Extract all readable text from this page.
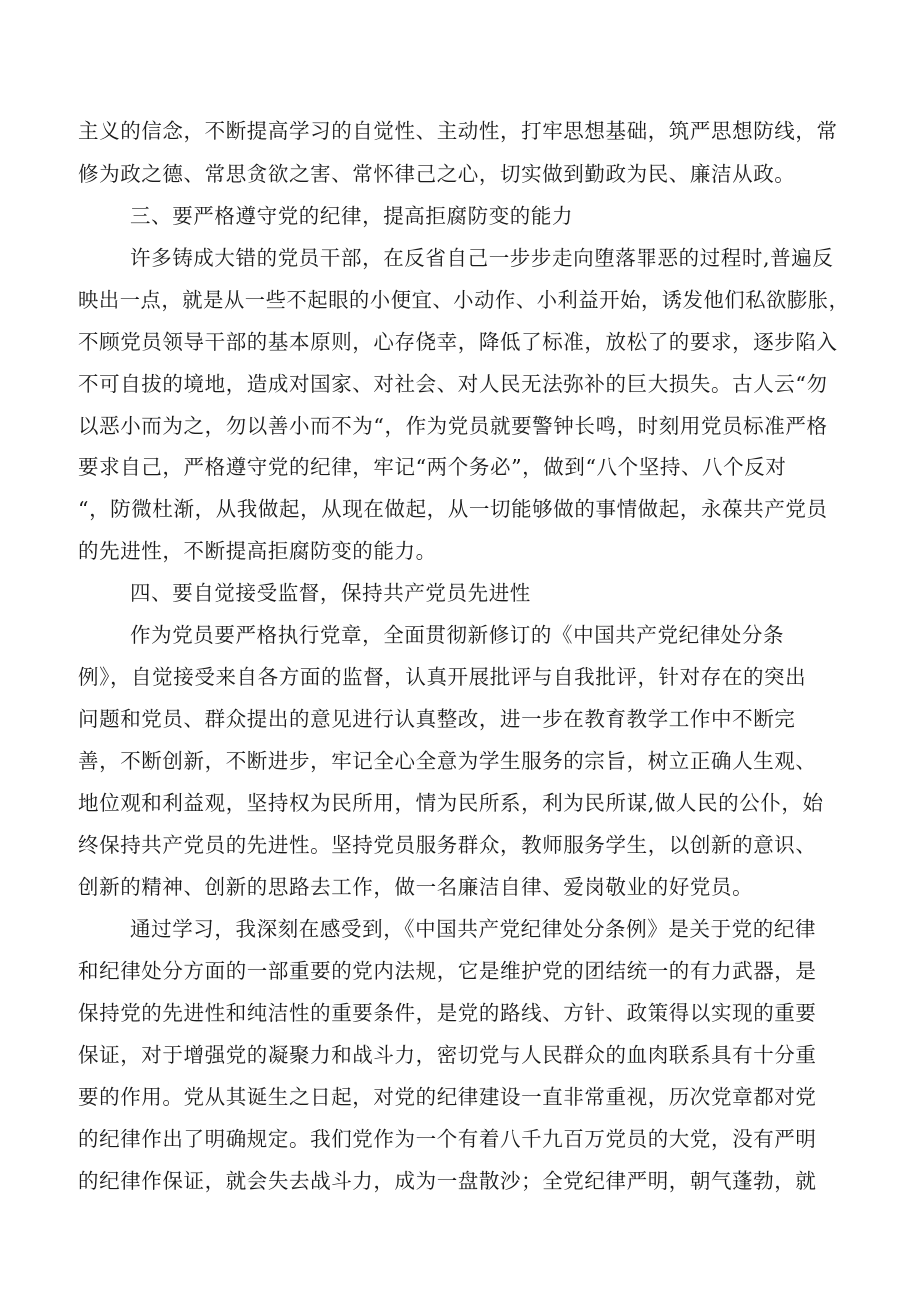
主义的信念，不断提高学习的自觉性、主动性，打牢思想基础，筑严思想防线，常
修为政之德、常思贪欲之害、常怀律己之心，切实做到勤政为民、廉洁从政。
三、要严格遵守党的纪律，提高拒腐防变的能力
许多铸成大错的党员干部，在反省自己一步步走向堕落罪恶的过程时,普遍反
映出一点，就是从一些不起眼的小便宜、小动作、小利益开始，诱发他们私欲膨胀，
不顾党员领导干部的基本原则，心存侥幸，降低了标准，放松了的要求，逐步陷入
不可自拔的境地，造成对国家、对社会、对人民无法弥补的巨大损失。古人云“勿
以恶小而为之，勿以善小而不为“，作为党员就要警钟长鸣，时刻用党员标准严格
要求自己，严格遵守党的纪律，牢记“两个务必”，做到“八个坚持、八个反对
“，防微杜渐，从我做起，从现在做起，从一切能够做的事情做起，永葆共产党员
的先进性，不断提高拒腐防变的能力。
四、要自觉接受监督，保持共产党员先进性
作为党员要严格执行党章，全面贯彻新修订的《中国共产党纪律处分条
例》，自觉接受来自各方面的监督，认真开展批评与自我批评，针对存在的突出
问题和党员、群众提出的意见进行认真整改，进一步在教育教学工作中不断完
善，不断创新，不断进步，牢记全心全意为学生服务的宗旨，树立正确人生观、
地位观和利益观，坚持权为民所用，情为民所系，利为民所谋,做人民的公仆，始
终保持共产党员的先进性。坚持党员服务群众，教师服务学生，以创新的意识、
创新的精神、创新的思路去工作，做一名廉洁自律、爱岗敬业的好党员。
通过学习，我深刻在感受到，《中国共产党纪律处分条例》是关于党的纪律
和纪律处分方面的一部重要的党内法规，它是维护党的团结统一的有力武器，是
保持党的先进性和纯洁性的重要条件，是党的路线、方针、政策得以实现的重要
保证，对于增强党的凝聚力和战斗力，密切党与人民群众的血肉联系具有十分重
要的作用。党从其诞生之日起，对党的纪律建设一直非常重视，历次党章都对党
的纪律作出了明确规定。我们党作为一个有着八千九百万党员的大党，没有严明
的纪律作保证，就会失去战斗力，成为一盘散沙；全党纪律严明，朝气蓬勃，就
